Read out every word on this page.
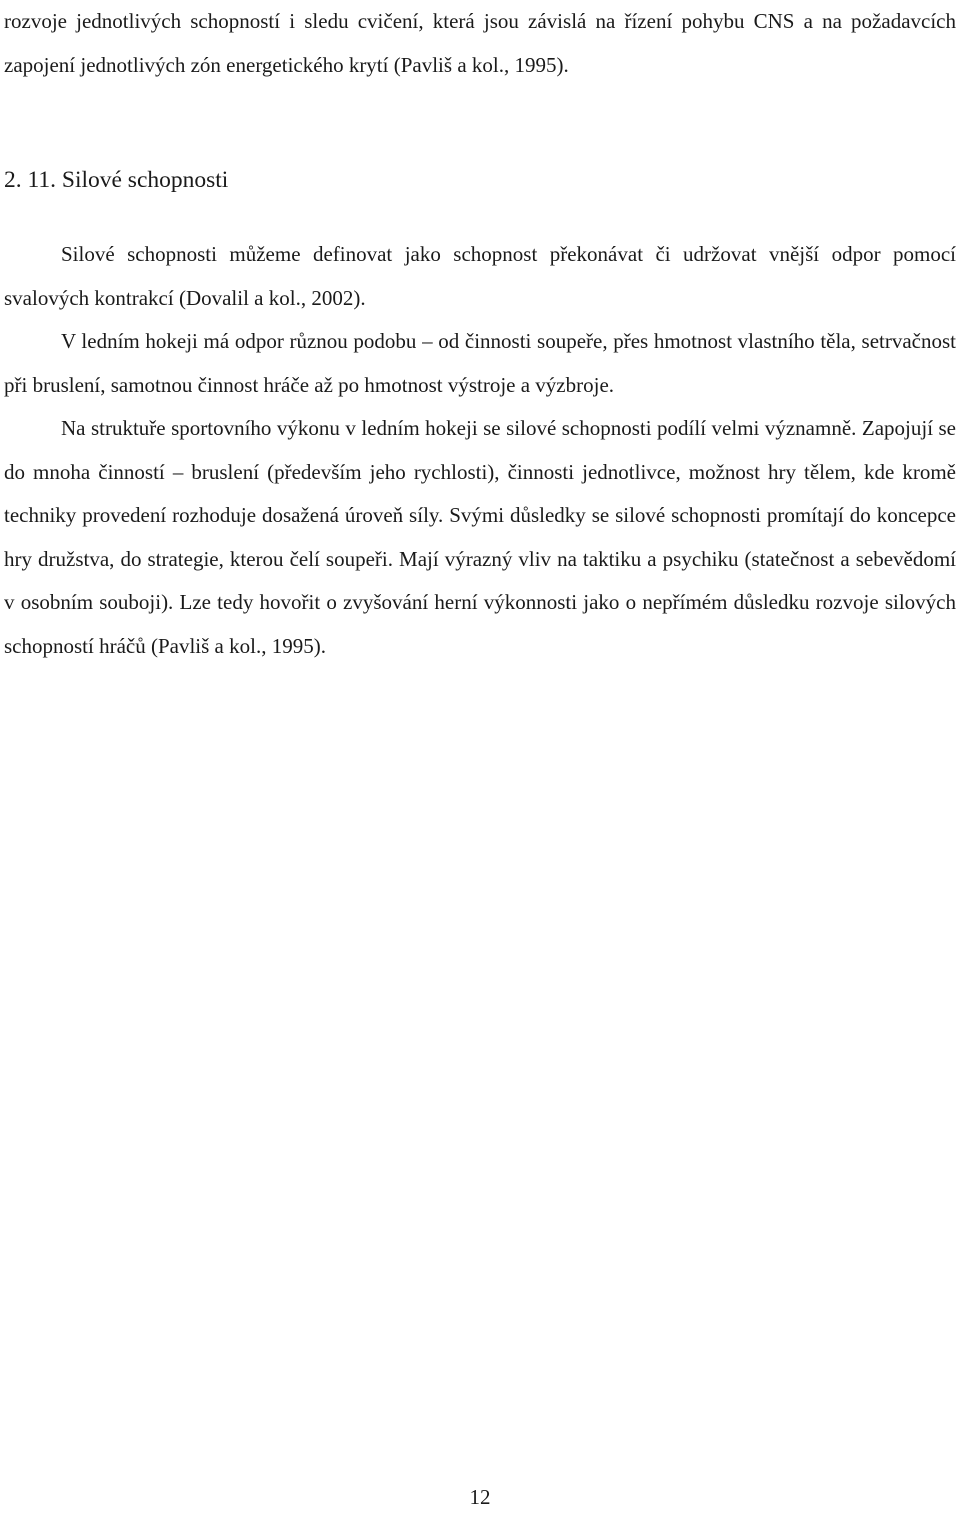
rozvoje jednotlivých schopností i sledu cvičení, která jsou závislá na řízení pohybu CNS a na požadavcích zapojení jednotlivých zón energetického krytí (Pavliš a kol., 1995).

2. 11. Silové schopnosti

Silové schopnosti můžeme definovat jako schopnost překonávat či udržovat vnější odpor pomocí svalových kontrakcí (Dovalil a kol., 2002).

V ledním hokeji má odpor různou podobu – od činnosti soupeře, přes hmotnost vlastního těla, setrvačnost při bruslení, samotnou činnost hráče až po hmotnost výstroje a výzbroje.

Na struktuře sportovního výkonu v ledním hokeji se silové schopnosti podílí velmi významně. Zapojují se do mnoha činností – bruslení (především jeho rychlosti), činnosti jednotlivce, možnost hry tělem, kde kromě techniky provedení rozhoduje dosažená úroveň síly. Svými důsledky se silové schopnosti promítají do koncepce hry družstva, do strategie, kterou čelí soupeři. Mají výrazný vliv na taktiku a psychiku (statečnost a sebevědomí v osobním souboji). Lze tedy hovořit o zvyšování herní výkonnosti jako o nepřímém důsledku rozvoje silových schopností hráčů (Pavliš a kol., 1995).

12
